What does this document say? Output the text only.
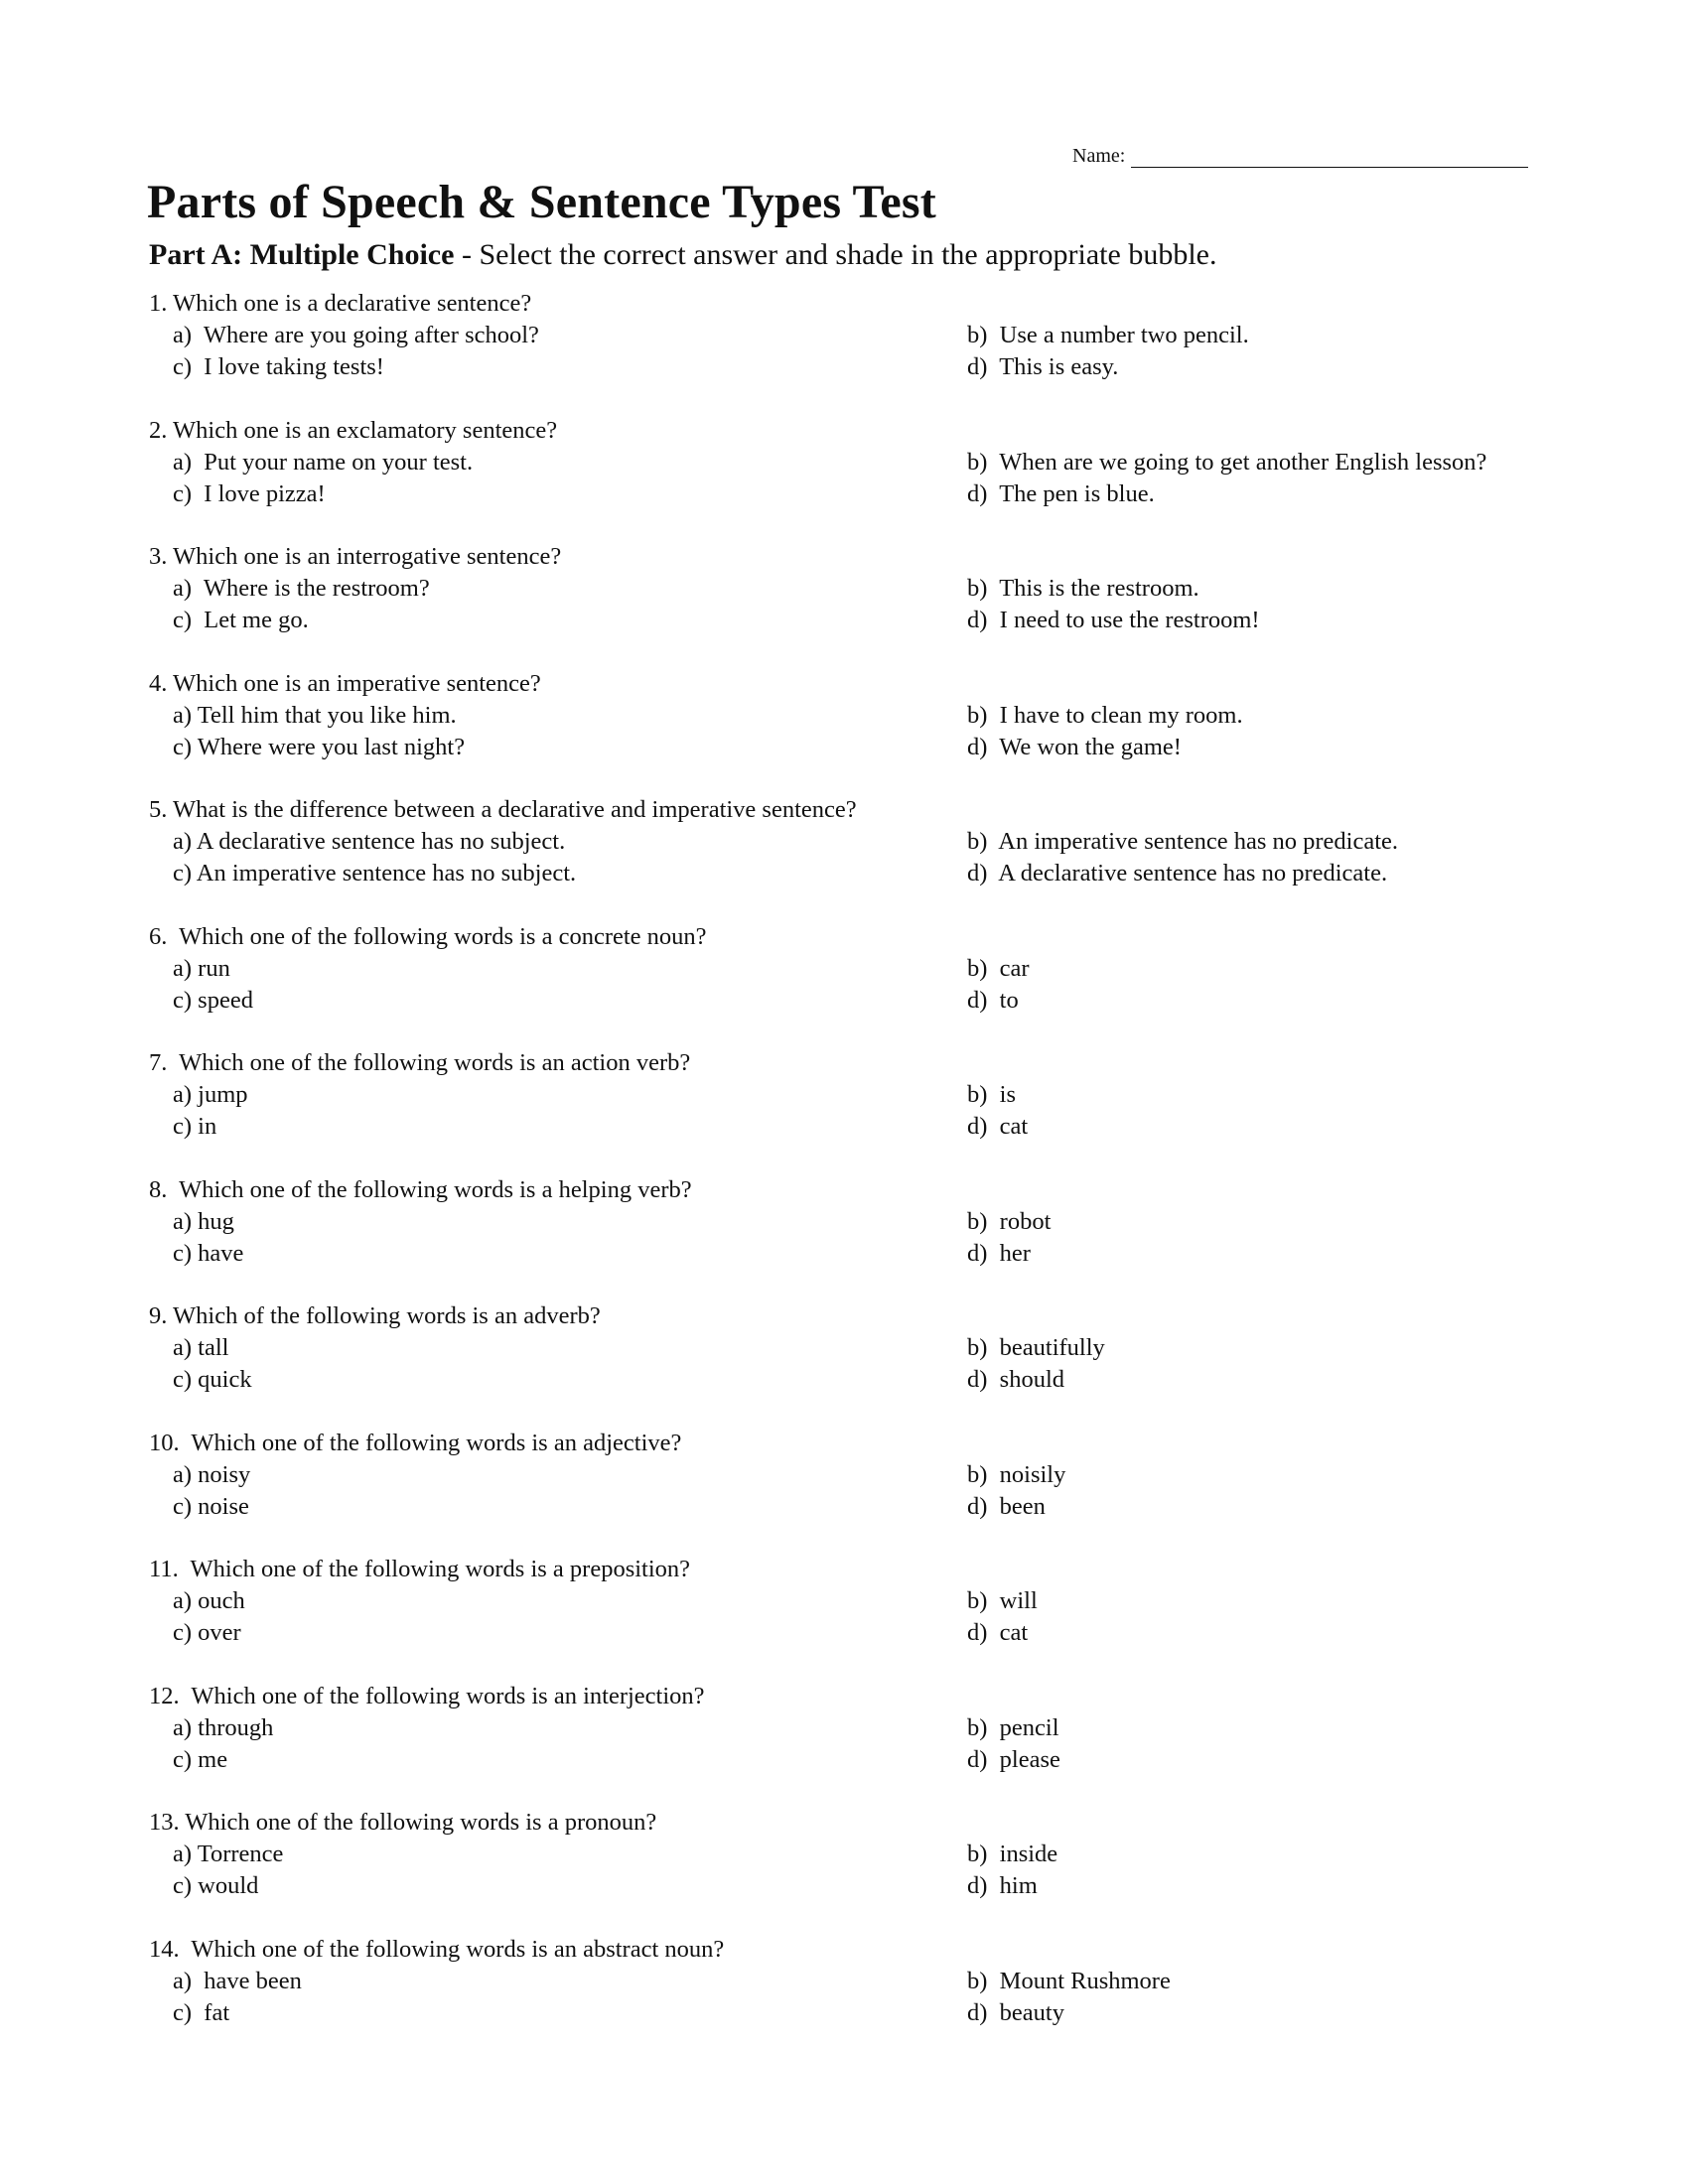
Name:
Parts of Speech & Sentence Types Test

Part A: Multiple Choice - Select the correct answer and shade in the appropriate bubble.

1. Which one is a declarative sentence?
a)  Where are you going after school?	b)  Use a number two pencil.
c)  I love taking tests!	d)  This is easy.
2. Which one is an exclamatory sentence?
a)  Put your name on your test.	b)  When are we going to get another English lesson?
c)  I love pizza!	d)  The pen is blue.
3. Which one is an interrogative sentence?
a)  Where is the restroom?	b)  This is the restroom.
c)  Let me go.	d)  I need to use the restroom!
4. Which one is an imperative sentence?
a) Tell him that you like him.	b)  I have to clean my room.
c) Where were you last night?	d)  We won the game!
5. What is the difference between a declarative and imperative sentence?
a) A declarative sentence has no subject.	b)  An imperative sentence has no predicate.
c) An imperative sentence has no subject.	d)  A declarative sentence has no predicate.
6.  Which one of the following words is a concrete noun?
a) run	b)  car
c) speed	d)  to
7.  Which one of the following words is an action verb?
a) jump	b)  is
c) in	d)  cat
8.  Which one of the following words is a helping verb?
a) hug	b)  robot
c) have	d)  her
9. Which of the following words is an adverb?
a) tall	b)  beautifully
c) quick	d)  should
10.  Which one of the following words is an adjective?
a) noisy	b)  noisily
c) noise	d)  been
11.  Which one of the following words is a preposition?
a) ouch	b)  will
c) over	d)  cat
12.  Which one of the following words is an interjection?
a) through	b)  pencil
c) me	d)  please
13. Which one of the following words is a pronoun?
a) Torrence	b)  inside
c) would	d)  him
14.  Which one of the following words is an abstract noun?
a)  have been	b)  Mount Rushmore
c)  fat	d)  beauty
